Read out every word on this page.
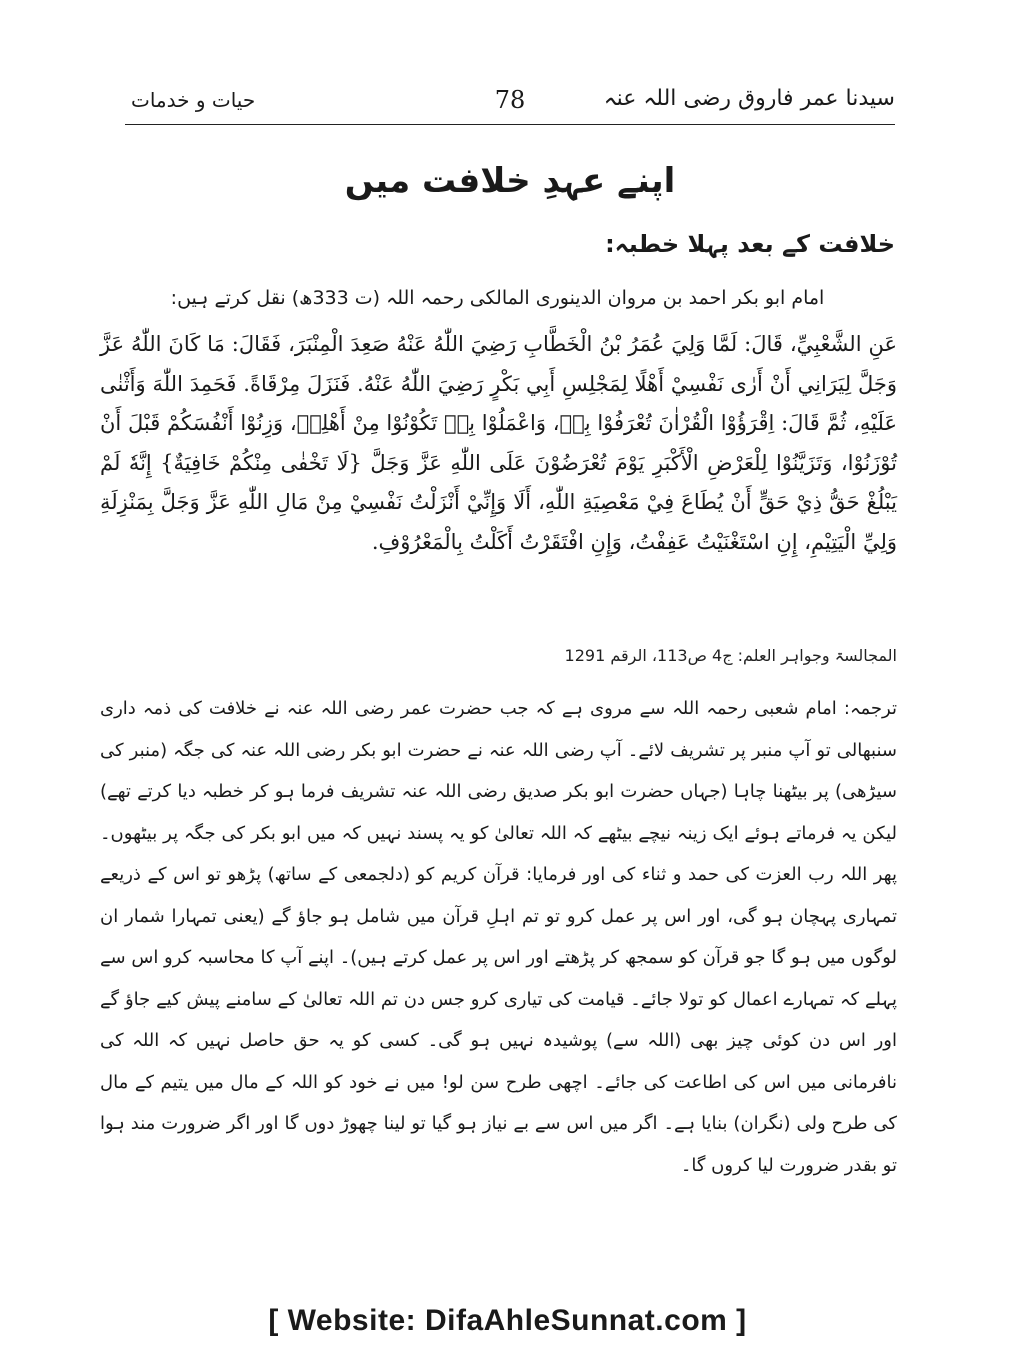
سیدنا عمر فاروق رضی اللہ عنہ
78
حیات و خدمات
اپنے عہدِ خلافت میں
خلافت کے بعد پہلا خطبہ:
امام ابو بکر احمد بن مروان الدینوری المالکی رحمہ اللہ (ت 333ھ) نقل کرتے ہیں:
عَنِ الشَّعْبِيِّ، قَالَ: لَمَّا وَلِيَ عُمَرُ بْنُ الْخَطَّابِ رَضِيَ اللّٰهُ عَنْهُ صَعِدَ الْمِنْبَرَ، فَقَالَ: مَا كَانَ اللّٰهُ عَزَّ وَجَلَّ لِيَرَانِي أَنْ أَرٰى نَفْسِيْ أَهْلًا لِمَجْلِسِ أَبِي بَكْرٍ رَضِيَ اللّٰهُ عَنْهُ. فَنَزَلَ مِرْقَاةً. فَحَمِدَ اللّٰهَ وَأَثْنٰى عَلَيْهِ، ثُمَّ قَالَ: اِقْرَؤُوْا الْقُرْاٰنَ تُعْرَفُوْا بِهٖ، وَاعْمَلُوْا بِهٖ تَكُوْنُوْا مِنْ أَهْلِهٖ، وَزِنُوْا أَنْفُسَكُمْ قَبْلَ أَنْ تُوْزَنُوْا، وَتَزَيَّنُوْا لِلْعَرْضِ الْأَكْبَرِ يَوْمَ تُعْرَضُوْنَ عَلَى اللّٰهِ عَزَّ وَجَلَّ {لَا تَخْفٰى مِنْكُمْ خَافِيَةٌ} إِنَّهٗ لَمْ يَبْلُغْ حَقُّ ذِيْ حَقٍّ أَنْ يُطَاعَ فِيْ مَعْصِيَةِ اللّٰهِ، أَلَا وَإِنِّيْ أَنْزَلْتُ نَفْسِيْ مِنْ مَالِ اللّٰهِ عَزَّ وَجَلَّ بِمَنْزِلَةِ وَلِيِّ الْيَتِيْمِ، إِنِ اسْتَغْنَيْتُ عَفِفْتُ، وَإِنِ افْتَقَرْتُ أَكَلْتُ بِالْمَعْرُوْفِ.
المجالسۃ وجواہر العلم: ج4 ص113، الرقم 1291
ترجمہ: امام شعبی رحمہ اللہ سے مروی ہے کہ جب حضرت عمر رضی اللہ عنہ نے خلافت کی ذمہ داری سنبھالی تو آپ منبر پر تشریف لائے۔ آپ رضی اللہ عنہ نے حضرت ابو بکر رضی اللہ عنہ کی جگہ (منبر کی سیڑھی) پر بیٹھنا چاہا (جہاں حضرت ابو بکر صدیق رضی اللہ عنہ تشریف فرما ہو کر خطبہ دیا کرتے تھے) لیکن یہ فرماتے ہوئے ایک زینہ نیچے بیٹھے کہ اللہ تعالیٰ کو یہ پسند نہیں کہ میں ابو بکر کی جگہ پر بیٹھوں۔ پھر اللہ رب العزت کی حمد و ثناء کی اور فرمایا: قرآن کریم کو (دلجمعی کے ساتھ) پڑھو تو اس کے ذریعے تمہاری پہچان ہو گی، اور اس پر عمل کرو تو تم اہلِ قرآن میں شامل ہو جاؤ گے (یعنی تمہارا شمار ان لوگوں میں ہو گا جو قرآن کو سمجھ کر پڑھتے اور اس پر عمل کرتے ہیں)۔ اپنے آپ کا محاسبہ کرو اس سے پہلے کہ تمہارے اعمال کو تولا جائے۔ قیامت کی تیاری کرو جس دن تم اللہ تعالیٰ کے سامنے پیش کیے جاؤ گے اور اس دن کوئی چیز بھی (اللہ سے) پوشیدہ نہیں ہو گی۔ کسی کو یہ حق حاصل نہیں کہ اللہ کی نافرمانی میں اس کی اطاعت کی جائے۔ اچھی طرح سن لو! میں نے خود کو اللہ کے مال میں یتیم کے مال کی طرح ولی (نگران) بنایا ہے۔ اگر میں اس سے بے نیاز ہو گیا تو لینا چھوڑ دوں گا اور اگر ضرورت مند ہوا تو بقدر ضرورت لیا کروں گا۔
[ Website: DifaAhleSunnat.com ]
